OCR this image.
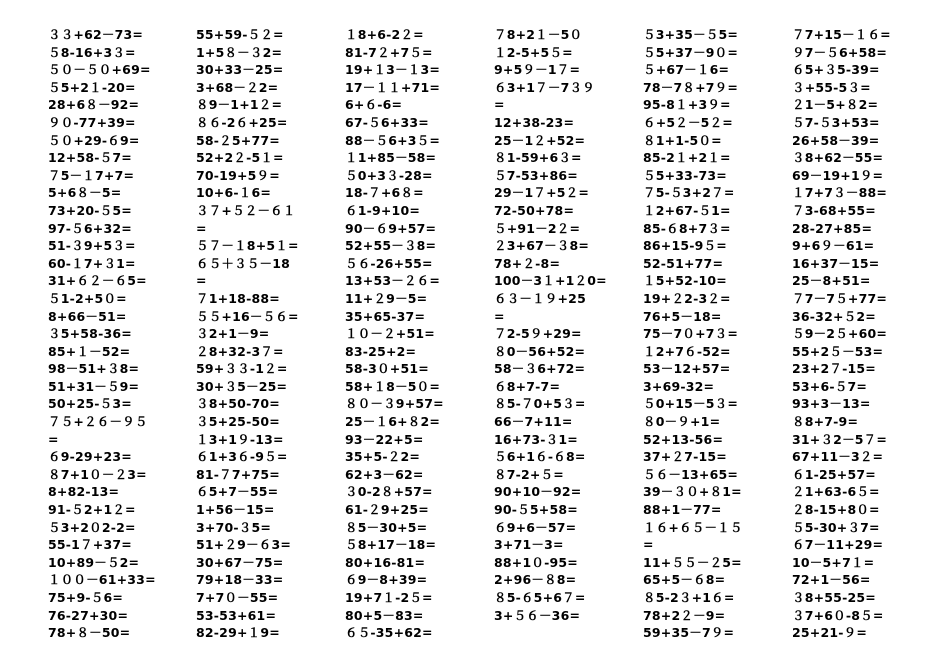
３３+62－73=
５8-16+3３=
５０－５０+69=
５5+2１-20=
28+6８－92=
９０-77+39=
５０+29-６9=
12+58-５7=
７5－１7+7=
5+6８－5=
73+20-５5=
97-５6+32=
51-３9+5３=
60-１7+３1=
31+６２－６5=
５1-2+5０=
8+66－51=
３5+58-36=
85+１－52=
98－51+３8=
51+31－５9=
50+25-５3=
７５+２６－９５
=
６9-29+23=
８7+1０－２3=
8+82-13=
91-５2+1２=
５3+2０2-2=
55-1７+37=
10+89－５2=
１００－61+33=
75+9-５6=
76-27+30=
78+８－50=
55+59-５２=
1+5８－３2=
30+33－25=
3+68－２2=
８9－1+1２=
８６-2６+25=
58-２5+77=
52+2２-5１=
70-19+5９=
10+6-１6=
３７+５２－６１
=
５７－１8+5１=
６５＋３５－18
=
７1+18-88=
５５+16－５６=
３2+1－9=
２8+32-3７=
59+３３-1２=
30+３5－25=
３8+50-70=
３5+25-50=
１3+1９-13=
６1+3６-9５=
81-７7+75=
６5+7－55=
1+56－15=
3+70-３5=
51+２9－６3=
30+67－75=
79+18－33=
7+7０－55=
53-53+61=
82-29+１9=
１8+6-2２=
81-7２+7５=
19+１3－１3=
17－１１+71=
6+６-6=
67-５6+33=
88－５6+3５=
１1+85－58=
５0+3３-28=
18-７+6８=
６1-9+10=
90－６9+57=
52+55－３8=
５６-26+55=
13+53－２６=
11+２9－5=
35+65-37=
１０－２+51=
83-25+2=
58-3０+51=
58+１8－5０=
８０－３9+57=
25－１6+８2=
93－22+5=
35+5-２2=
62+3－62=
３0-2８+57=
61-２9+25=
８5－30+5=
５8+17－18=
80+16-81=
６9－8+39=
19+7１-2５=
80+5－83=
６５-35+62=
７8+2１－5０
１2-5+5５=
9+5９－1７=
６3+1７－7３９
=
12+38-23=
25－1２+52=
８1-59+6３=
５7-53+86=
29－1７+5２=
72-50+78=
５+91－2２=
２3+67－３8=
78+２-8=
100－3１+1２0=
６３－１９+25
=
７2-5９+29=
８0－56+52=
58－３6+72=
６8+7-7=
８5-７0+5３=
66－7+11=
16+73-３1=
５6+1６-６8=
８7-2+５=
90+10－92=
90-５5+58=
６9+6－57=
3+71－3=
88+1０-95=
2+96－８8=
８5-６5+6７=
3+５６－36=
５3+35－５5=
５5+37－9０=
５+67－１6=
78－7８+7９=
95-8１+3９=
６+5２－5２=
８1+1-5０=
85-2１+2１=
５5+33-73=
７5-５3+2７=
１2+67-５1=
85-６8+7３=
86+15-9５=
52-51+77=
１5+52-10=
19+２2-3２=
76+5－18=
75－7０+7３=
１2+7６-52=
53－12+57=
3+69-32=
５0+15－5３=
８0－９+1=
52+13-56=
37+２7-15=
５６－13+65=
39－３０+８1=
88+1－77=
１６+６５－１５
=
11+５５－２5=
65+5－６8=
８5-2３+1６=
78+2２－9=
59+35－7９=
７7+15－１６=
９7－５6+58=
６5+３5-39=
３+55-5３=
２1－5+８2=
５7-５3+53=
26+58－39=
３8+62－55=
69－19+1９=
１7+7３－88=
７3-68+55=
28-27+85=
9+6９－61=
16+37－15=
25－8+51=
７7－7５+77=
36-32+５2=
５9－2５+60=
55+2５－53=
23+2７-15=
53+6-５7=
93+3－13=
８8+7-9=
31+３2－5７=
67+11－3２=
６1-25+57=
２1+63-6５=
２8-15+8０=
５5-30+３7=
６7－11+29=
10－5+7１=
72+1－56=
３8+55-25=
３7+6０-8５=
25+21-９=
